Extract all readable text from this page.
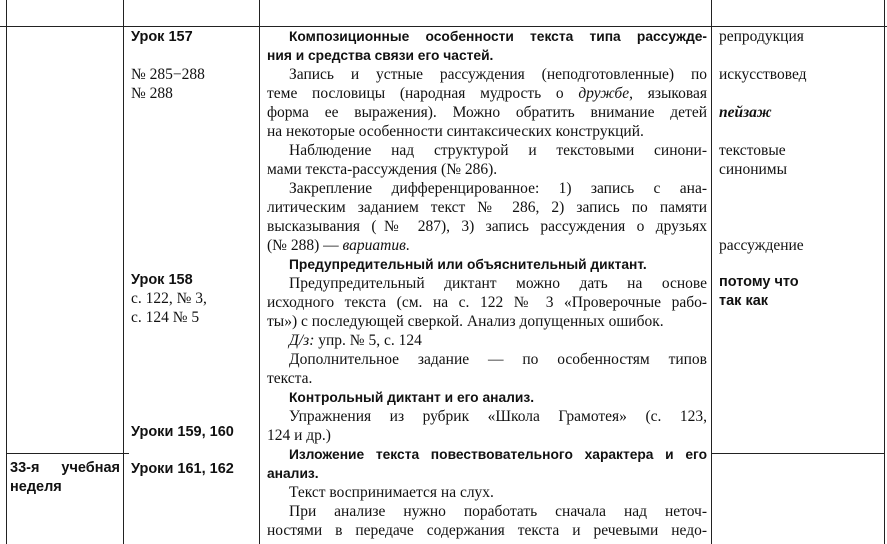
33-я учебная
неделя
Урок 157
№ 285−288
№ 288
Урок 158
с. 122, № 3,
с. 124 № 5
Уроки 159, 160
Уроки 161, 162
Композиционные особенности текста типа рассужде-
ния и средства связи его частей.
Запись и устные рассуждения (неподготовленные) по
теме пословицы (народная мудрость о дружбе, языковая
форма ее выражения). Можно обратить внимание детей
на некоторые особенности синтаксических конструкций.
Наблюдение над структурой и текстовыми синони-
мами текста-рассуждения (№ 286).
Закрепление дифференцированное: 1) запись с ана-
литическим заданием текст № 286, 2) запись по памяти
высказывания (№ 287), 3) запись рассуждения о друзьях
(№ 288) — вариатив.
Предупредительный или объяснительный диктант.
Предупредительный диктант можно дать на основе
исходного текста (см. на с. 122 № 3 «Проверочные рабо-
ты») с последующей сверкой. Анализ допущенных ошибок.
Д/з: упр. № 5, с. 124
Дополнительное задание — по особенностям типов
текста.
Контрольный диктант и его анализ.
Упражнения из рубрик «Школа Грамотея» (с. 123,
124 и др.)
Изложение текста повествовательного характера и его
анализ.
Текст воспринимается на слух.
При анализе нужно поработать сначала над неточ-
ностями в передаче содержания текста и речевыми недо-
репродукция
искусствовед
пейзаж
текстовые
синонимы
рассуждение
потому что
так как
